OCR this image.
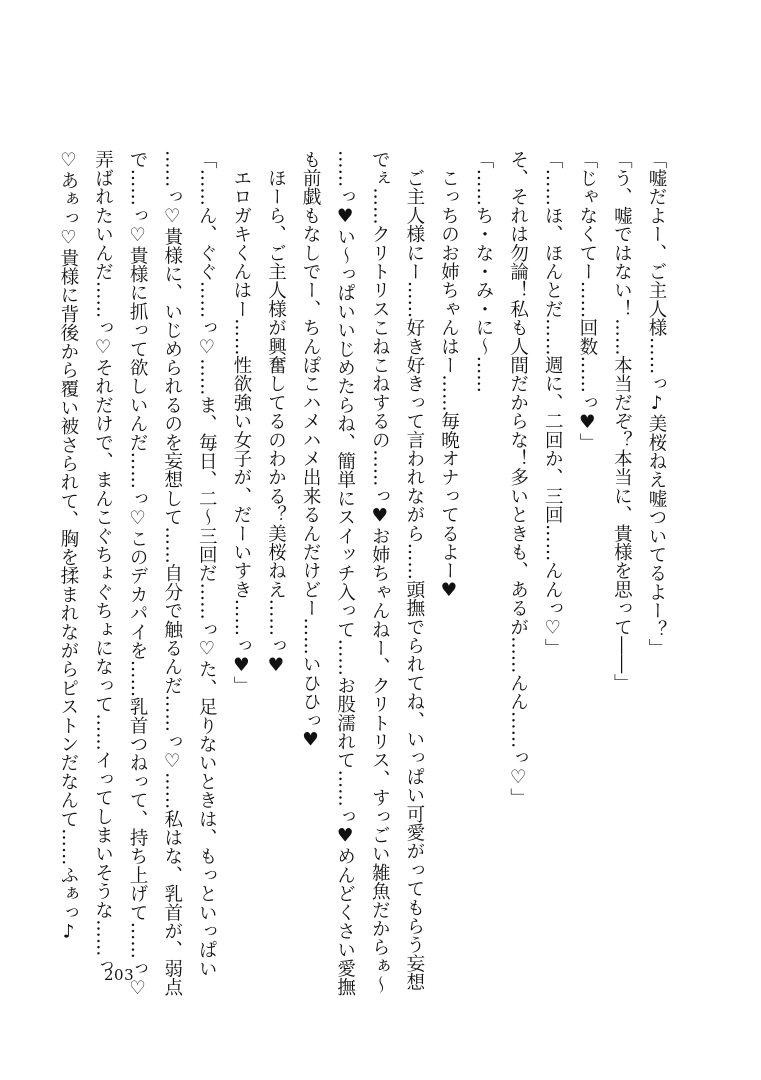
「嘘だよー、ご主人様……っ♪美桜ねえ嘘ついてるよー？」
「う、嘘ではない！……本当だぞ？本当に、貴様を思って――」
「じゃなくてー……回数……っ♥」
「……ほ、ほんとだ……週に、二回か、三回……んんっ♡」
そ、それは勿論！私も人間だからな！多いときも、あるが……んん……っ♡」
「……ち・な・み・に～……
　こっちのお姉ちゃんはー……毎晩オナってるよー♥
　ご主人様にー……好き好きって言われながら……頭撫でられてね、いっぱい可愛がってもらう妄想
でぇ……クリトリスこねこねするの……っ♥お姉ちゃんねー、クリトリス、すっごい雑魚だからぁ～
……っ♥い～っぱいいじめたらね、簡単にスイッチ入って……お股濡れて……っ♥めんどくさい愛撫
も前戯もなしでー、ちんぽこハメハメ出来るんだけどー……いひひっ♥
　ほーら、ご主人様が興奮してるのわかる？美桜ねえ……っ♥
　エロガキくんはー……性欲強い女子が、だーいすき……っ♥」
「……ん、ぐぐ……っ♡……ま、毎日、二～三回だ……っ♡た、足りないときは、もっといっぱい
……っ♡貴様に、いじめられるのを妄想して……自分で触るんだ……っ♡……私はな、乳首が、弱点
で……っ♡貴様に抓って欲しいんだ……っ♡このデカパイを……乳首つねって、持ち上げて……っ♡
弄ばれたいんだ……っ♡それだけで、まんこぐちょぐちょになって……イってしまいそうな……っ
♡あぁっ♡貴様に背後から覆い被さられて、胸を揉まれながらピストンだなんて……ふぁっ♪
203
